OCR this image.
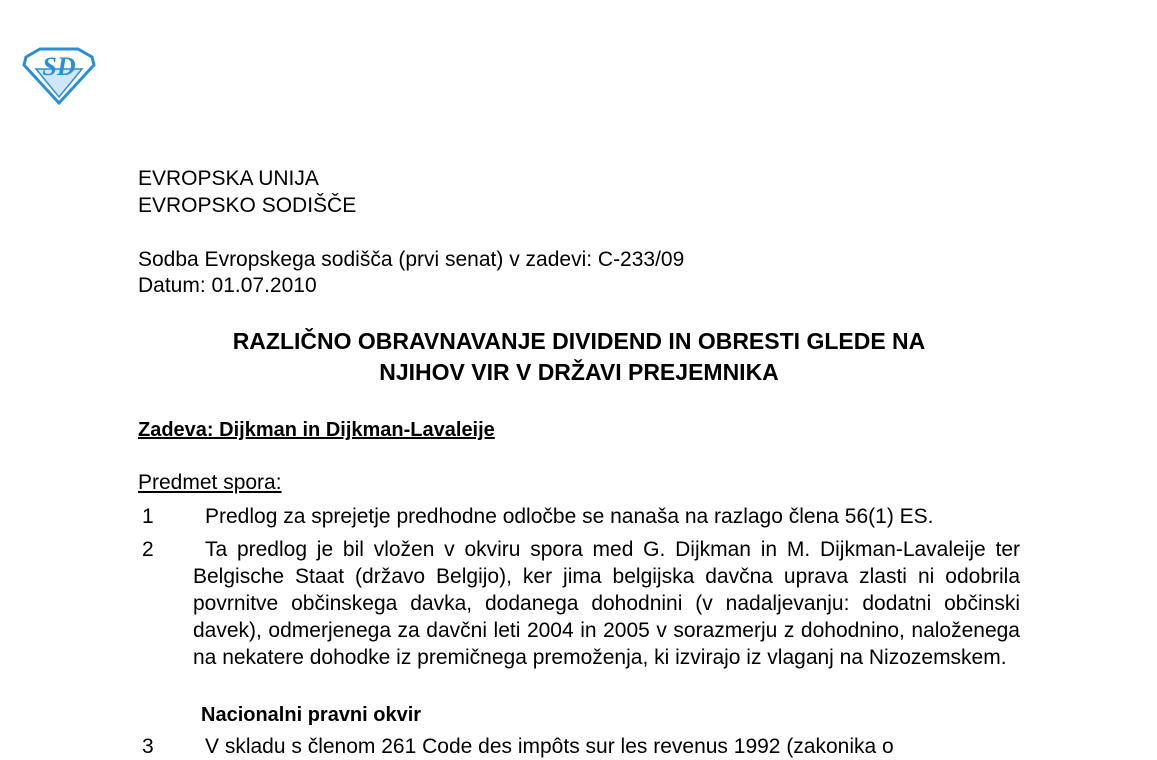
SD
EVROPSKA UNIJA
EVROPSKO SODIŠČE
Sodba Evropskega sodišča (prvi senat) v zadevi: C-233/09
Datum: 01.07.2010
RAZLIČNO OBRAVNAVANJE DIVIDEND IN OBRESTI GLEDE NA
NJIHOV VIR V DRŽAVI PREJEMNIKA
Zadeva: Dijkman in Dijkman-Lavaleije
Predmet spora:
1	Predlog za sprejetje predhodne odločbe se nanaša na razlago člena 56(1) ES.
2	Ta predlog je bil vložen v okviru spora med G. Dijkman in M. Dijkman-Lavaleije ter Belgische Staat (državo Belgijo), ker jima belgijska davčna uprava zlasti ni odobrila povrnitve občinskega davka, dodanega dohodnini (v nadaljevanju: dodatni občinski davek), odmerjenega za davčni leti 2004 in 2005 v sorazmerju z dohodnino, naloženega na nekatere dohodke iz premičnega premoženja, ki izvirajo iz vlaganj na Nizozemskem.
Nacionalni pravni okvir
3	V skladu s členom 261 Code des impôts sur les revenus 1992 (zakonika o
